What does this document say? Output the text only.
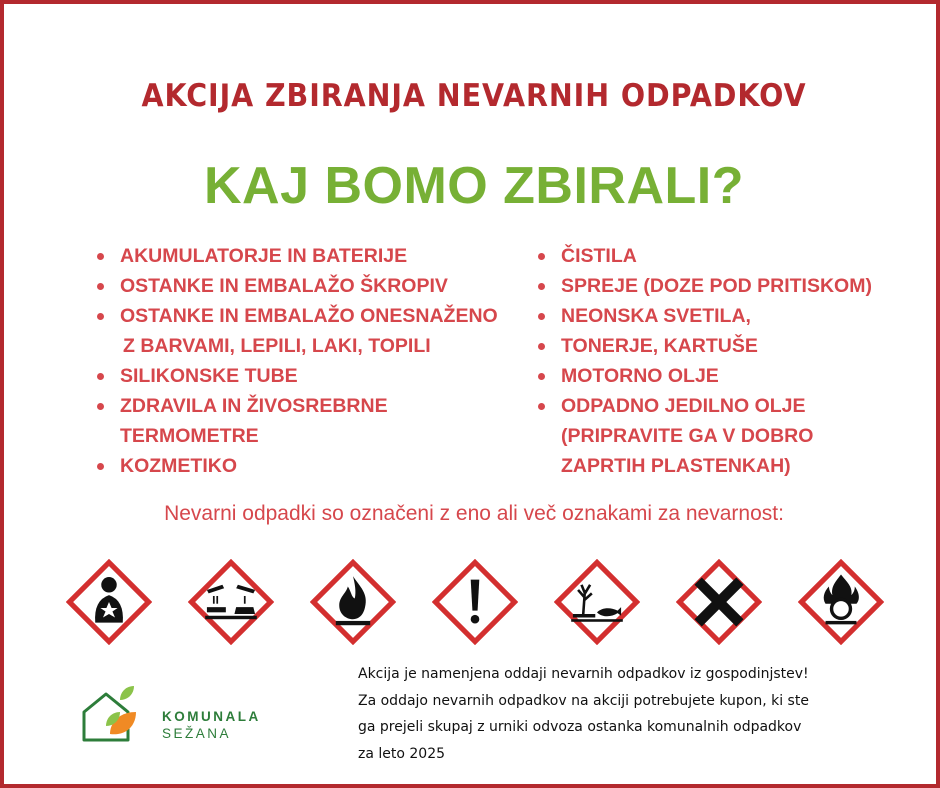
AKCIJA ZBIRANJA NEVARNIH ODPADKOV
KAJ BOMO ZBIRALI?
AKUMULATORJE IN BATERIJE
OSTANKE IN EMBALAŽO ŠKROPIV
OSTANKE IN EMBALAŽO ONESNAŽENO
Z BARVAMI, LEPILI, LAKI, TOPILI
SILIKONSKE TUBE
ZDRAVILA IN ŽIVOSREBRNE
TERMOMETRE
KOZMETIKO
ČISTILA
SPREJE (DOZE POD PRITISKOM)
NEONSKA SVETILA,
TONERJE, KARTUŠE
MOTORNO OLJE
ODPADNO JEDILNO OLJE
(PRIPRAVITE GA V DOBRO
ZAPRTIH PLASTENKAH)
Nevarni odpadki so označeni z eno ali več oznakami za nevarnost:
KOMUNALA
SEŽANA
Akcija je namenjena oddaji nevarnih odpadkov iz gospodinjstev!
Za oddajo nevarnih odpadkov na akciji potrebujete kupon, ki ste
ga prejeli skupaj z urniki odvoza ostanka komunalnih odpadkov
za leto 2025
